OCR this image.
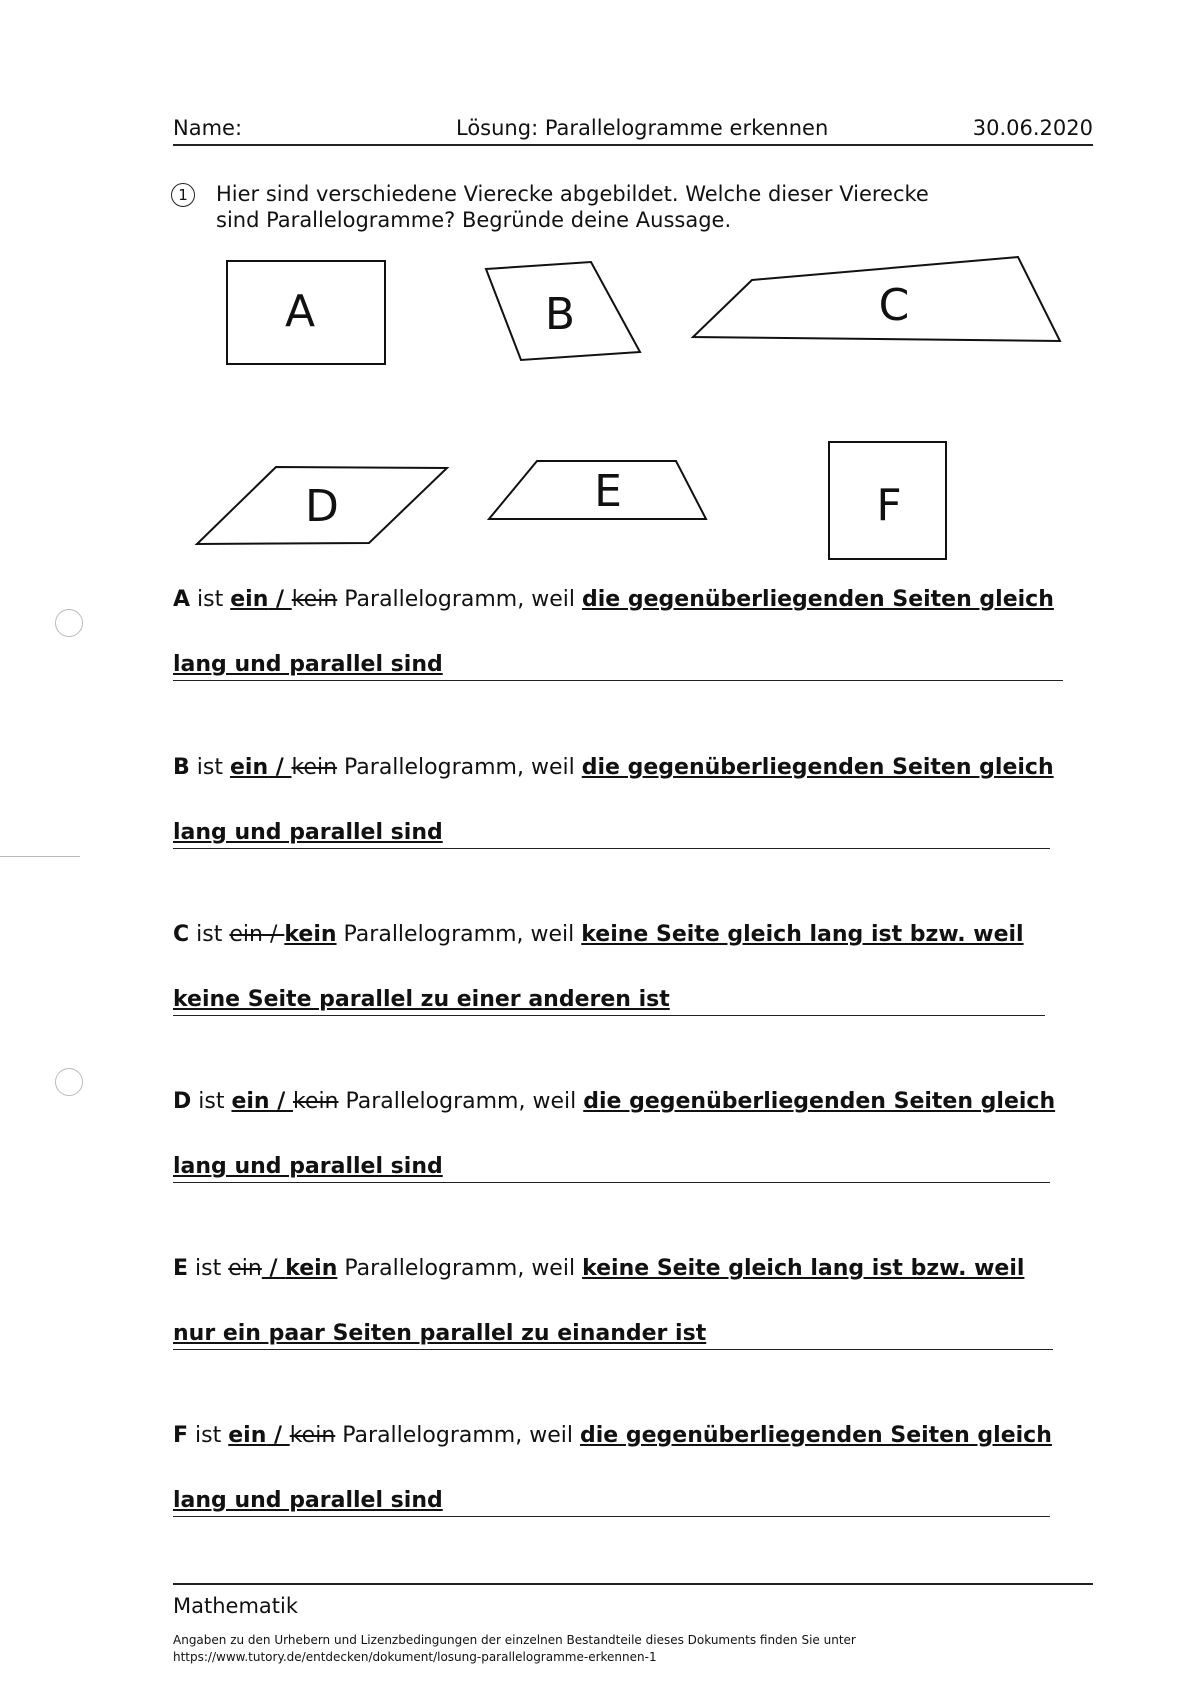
Name:	Lösung: Parallelogramme erkennen	30.06.2020
1	Hier sind verschiedene Vierecke abgebildet. Welche dieser Vierecke sind Parallelogramme? Begründe deine Aussage.
A	B	C
D	E	F
A ist ein / kein Parallelogramm, weil die gegenüberliegenden Seiten gleich
lang und parallel sind
B ist ein / kein Parallelogramm, weil die gegenüberliegenden Seiten gleich
lang und parallel sind
C ist ein / kein Parallelogramm, weil keine Seite gleich lang ist bzw. weil
keine Seite parallel zu einer anderen ist
D ist ein / kein Parallelogramm, weil die gegenüberliegenden Seiten gleich
lang und parallel sind
E ist ein / kein Parallelogramm, weil keine Seite gleich lang ist bzw. weil
nur ein paar Seiten parallel zu einander ist
F ist ein / kein Parallelogramm, weil die gegenüberliegenden Seiten gleich
lang und parallel sind
Mathematik
Angaben zu den Urhebern und Lizenzbedingungen der einzelnen Bestandteile dieses Dokuments finden Sie unter
https://www.tutory.de/entdecken/dokument/losung-parallelogramme-erkennen-1
